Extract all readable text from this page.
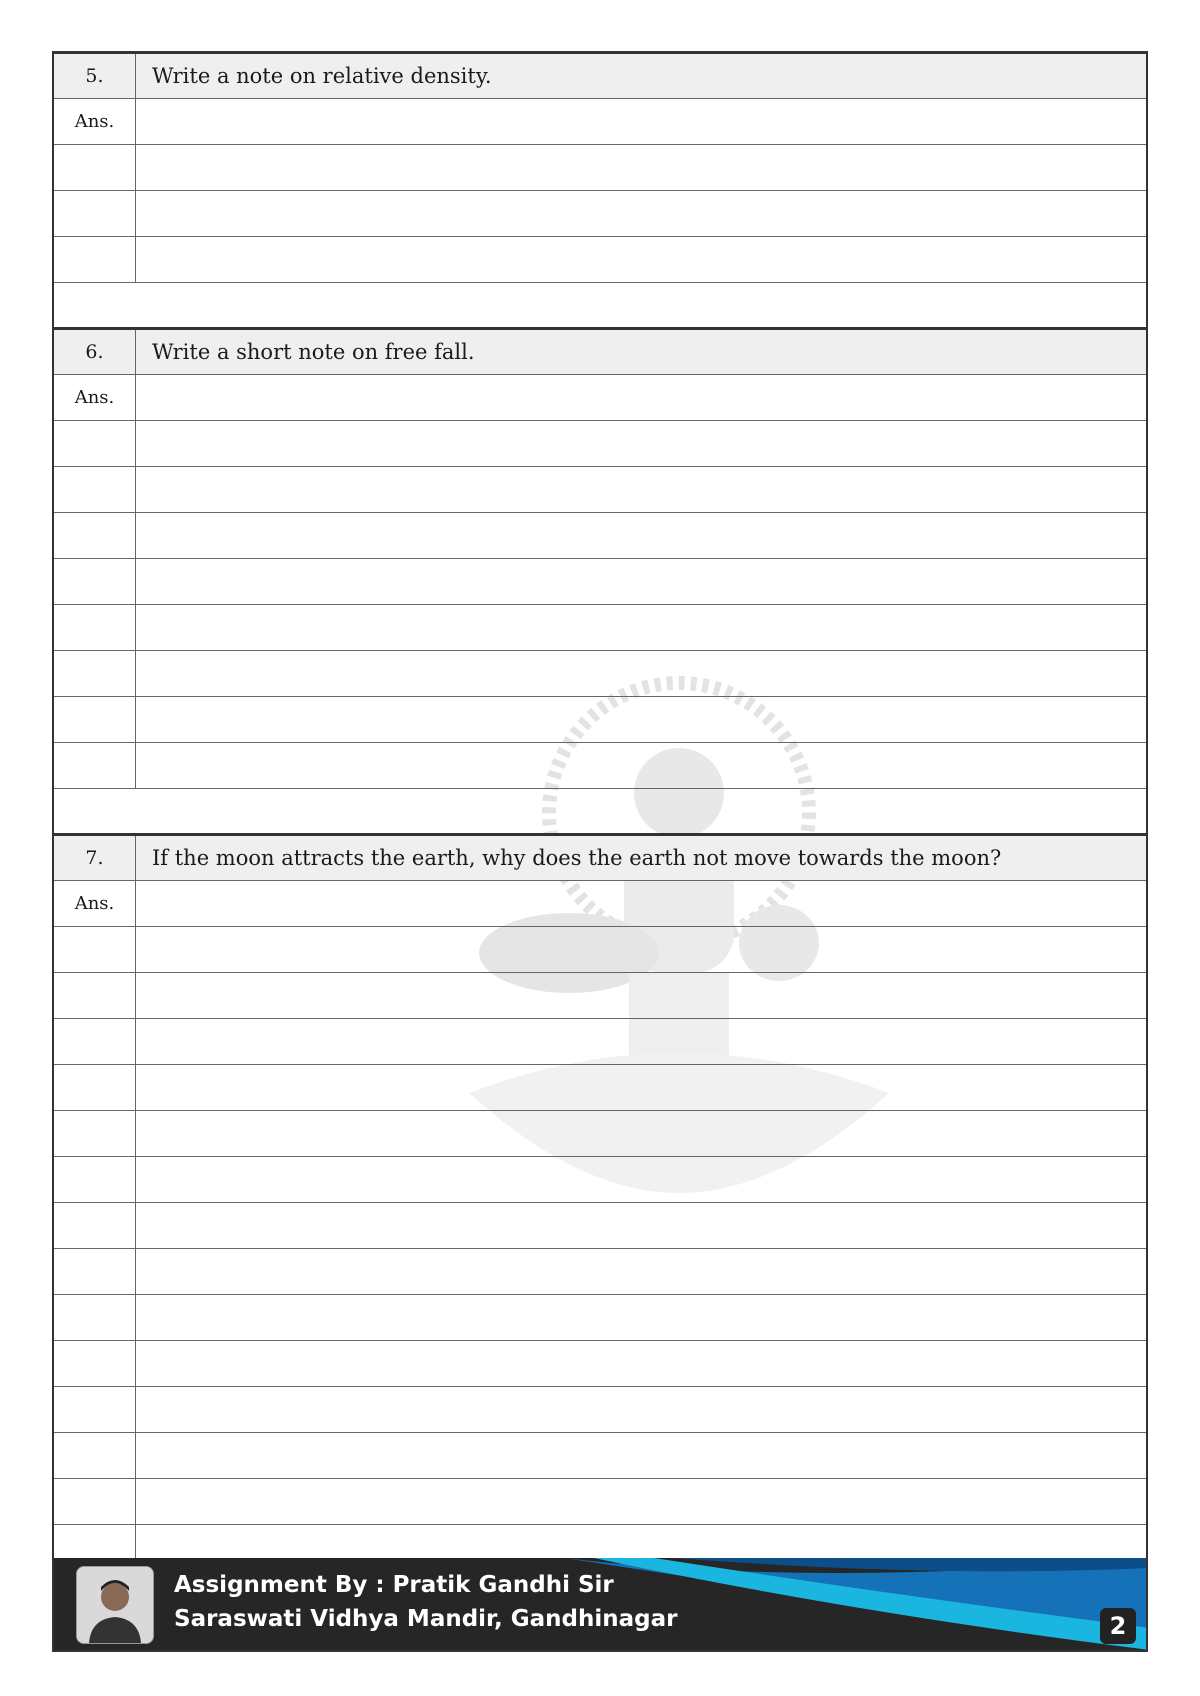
5.	Write a note on relative density.
Ans.
6.	Write a short note on free fall.
Ans.
7.	If the moon attracts the earth, why does the earth not move towards the moon?
Ans.
Assignment By : Pratik Gandhi Sir
Saraswati Vidhya Mandir, Gandhinagar	2
